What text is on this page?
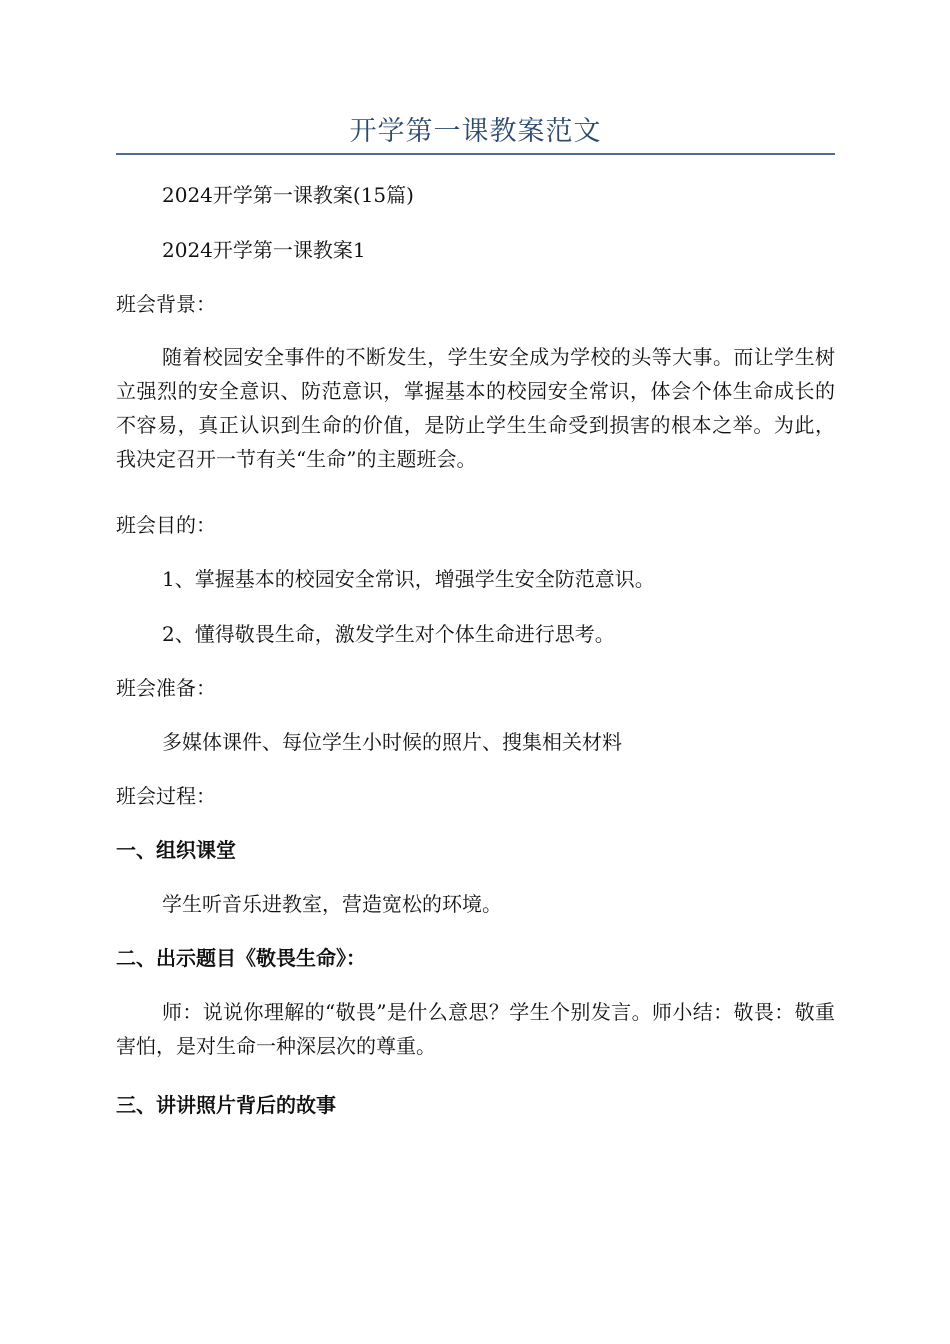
开学第一课教案范文
2024开学第一课教案(15篇)
2024开学第一课教案1
班会背景：

随着校园安全事件的不断发生，学生安全成为学校的头等大事。而让学生树立强烈的安全意识、防范意识，掌握基本的校园安全常识，体会个体生命成长的不容易，真正认识到生命的价值，是防止学生生命受到损害的根本之举。为此，我决定召开一节有关“生命”的主题班会。

班会目的：
1、掌握基本的校园安全常识，增强学生安全防范意识。
2、懂得敬畏生命，激发学生对个体生命进行思考。
班会准备：
多媒体课件、每位学生小时候的照片、搜集相关材料
班会过程：
一、组织课堂
学生听音乐进教室，营造宽松的环境。
二、出示题目《敬畏生命》：

师：说说你理解的“敬畏”是什么意思？学生个别发言。师小结：敬畏：敬重害怕，是对生命一种深层次的尊重。

三、讲讲照片背后的故事
